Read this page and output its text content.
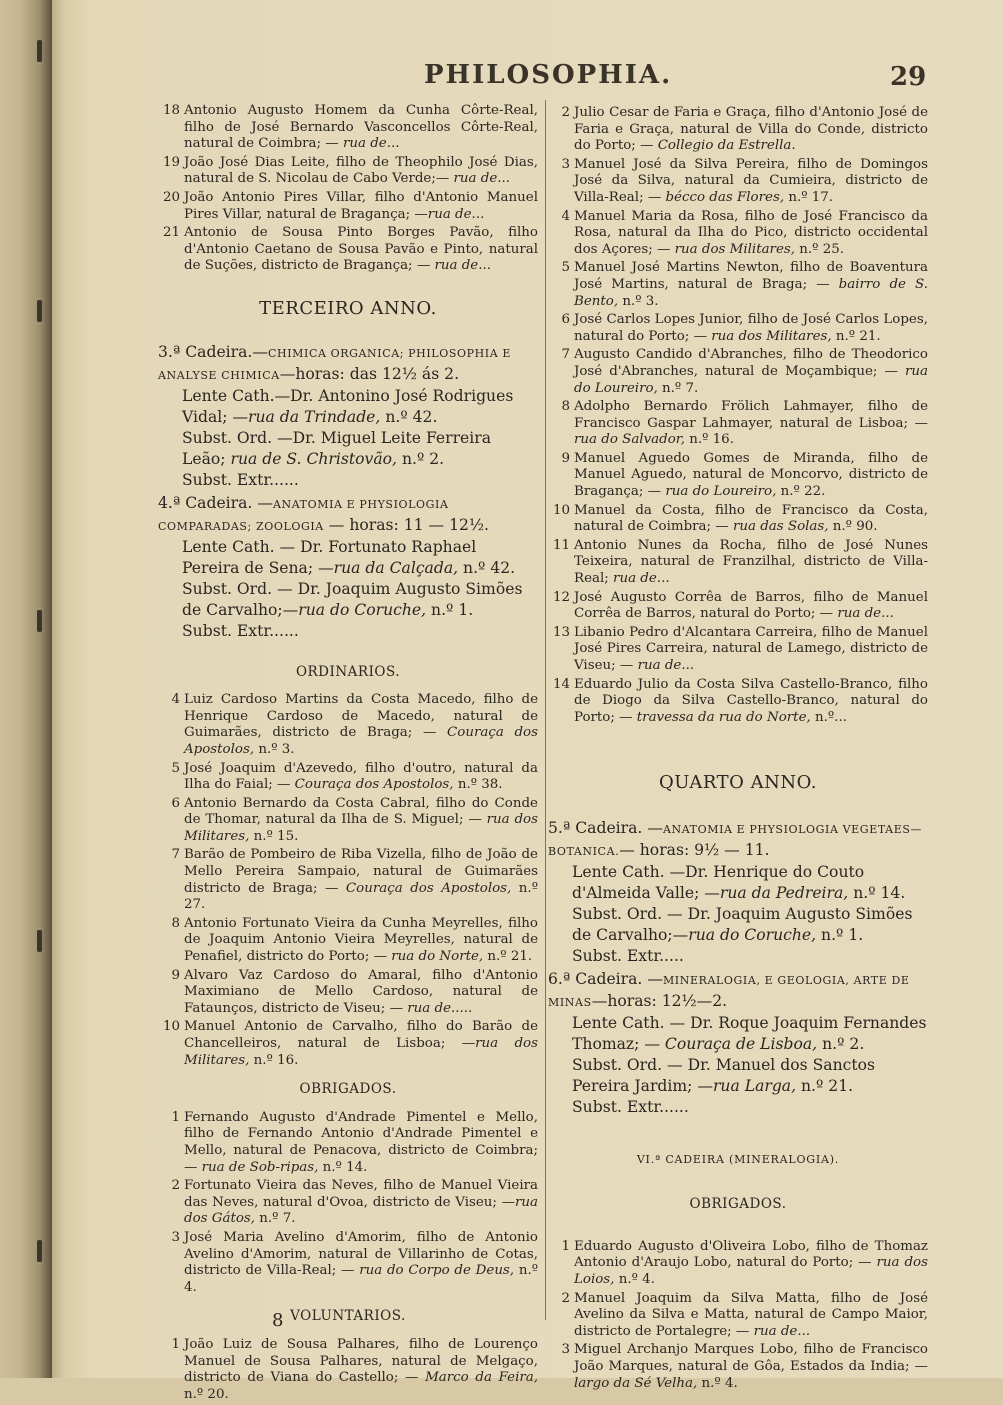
PHILOSOPHIA.	29

18 Antonio Augusto Homem da Cunha Côrte-Real, filho de José Bernardo Vasconcellos Côrte-Real, natural de Coimbra; — rua de...

19 João José Dias Leite, filho de Theophilo José Dias, natural de S. Nicolau de Cabo Verde;— rua de...

20 João Antonio Pires Villar, filho d'Antonio Manuel Pires Villar, natural de Bragança; —rua de...

21 Antonio de Sousa Pinto Borges Pavão, filho d'Antonio Caetano de Sousa Pavão e Pinto, natural de Suções, districto de Bragança; — rua de...

TERCEIRO ANNO.
3.ª Cadeira.—CHIMICA ORGANICA; PHILOSOPHIA E ANALYSE CHIMICA—horas: das 12½ ás 2.
Lente Cath.—Dr. Antonino José Rodrigues Vidal; —rua da Trindade, n.º 42.
Subst. Ord. —Dr. Miguel Leite Ferreira Leão; rua de S. Christovão, n.º 2.
Subst. Extr......
4.ª Cadeira. —ANATOMIA E PHYSIOLOGIA COMPARADAS; ZOOLOGIA — horas: 11 — 12½.
Lente Cath. — Dr. Fortunato Raphael Pereira de Sena; —rua da Calçada, n.º 42.
Subst. Ord. — Dr. Joaquim Augusto Simões de Carvalho;—rua do Coruche, n.º 1.
Subst. Extr......
ORDINARIOS.

4 Luiz Cardoso Martins da Costa Macedo, filho de Henrique Cardoso de Macedo, natural de Guimarães, districto de Braga; — Couraça dos Apostolos, n.º 3.

5 José Joaquim d'Azevedo, filho d'outro, natural da Ilha do Faial; — Couraça dos Apostolos, n.º 38.

6 Antonio Bernardo da Costa Cabral, filho do Conde de Thomar, natural da Ilha de S. Miguel; — rua dos Militares, n.º 15.

7 Barão de Pombeiro de Riba Vizella, filho de João de Mello Pereira Sampaio, natural de Guimarães districto de Braga; — Couraça dos Apostolos, n.º 27.

8 Antonio Fortunato Vieira da Cunha Meyrelles, filho de Joaquim Antonio Vieira Meyrelles, natural de Penafiel, districto do Porto; — rua do Norte, n.º 21.

9 Alvaro Vaz Cardoso do Amaral, filho d'Antonio Maximiano de Mello Cardoso, natural de Fataunços, districto de Viseu; — rua de.....

10 Manuel Antonio de Carvalho, filho do Barão de Chancelleiros, natural de Lisboa; —rua dos Militares, n.º 16.

OBRIGADOS.

1 Fernando Augusto d'Andrade Pimentel e Mello, filho de Fernando Antonio d'Andrade Pimentel e Mello, natural de Penacova, districto de Coimbra; — rua de Sob-ripas, n.º 14.

2 Fortunato Vieira das Neves, filho de Manuel Vieira das Neves, natural d'Ovoa, districto de Viseu; —rua dos Gátos, n.º 7.

3 José Maria Avelino d'Amorim, filho de Antonio Avelino d'Amorim, natural de Villarinho de Cotas, districto de Villa-Real; — rua do Corpo de Deus, n.º 4.

VOLUNTARIOS.

1 João Luiz de Sousa Palhares, filho de Lourenço Manuel de Sousa Palhares, natural de Melgaço, districto de Viana do Castello; — Marco da Feira, n.º 20.

8

2 Julio Cesar de Faria e Graça, filho d'Antonio José de Faria e Graça, natural de Villa do Conde, districto do Porto; — Collegio da Estrella.

3 Manuel José da Silva Pereira, filho de Domingos José da Silva, natural da Cumieira, districto de Villa-Real; — bécco das Flores, n.º 17.

4 Manuel Maria da Rosa, filho de José Francisco da Rosa, natural da Ilha do Pico, districto occidental dos Açores; — rua dos Militares, n.º 25.

5 Manuel José Martins Newton, filho de Boaventura José Martins, natural de Braga; — bairro de S. Bento, n.º 3.

6 José Carlos Lopes Junior, filho de José Carlos Lopes, natural do Porto; — rua dos Militares, n.º 21.

7 Augusto Candido d'Abranches, filho de Theodorico José d'Abranches, natural de Moçambique; — rua do Loureiro, n.º 7.

8 Adolpho Bernardo Frölich Lahmayer, filho de Francisco Gaspar Lahmayer, natural de Lisboa; — rua do Salvador, n.º 16.

9 Manuel Aguedo Gomes de Miranda, filho de Manuel Aguedo, natural de Moncorvo, districto de Bragança; — rua do Loureiro, n.º 22.

10 Manuel da Costa, filho de Francisco da Costa, natural de Coimbra; — rua das Solas, n.º 90.

11 Antonio Nunes da Rocha, filho de José Nunes Teixeira, natural de Franzilhal, districto de Villa-Real; rua de...

12 José Augusto Corrêa de Barros, filho de Manuel Corrêa de Barros, natural do Porto; — rua de...

13 Libanio Pedro d'Alcantara Carreira, filho de Manuel José Pires Carreira, natural de Lamego, districto de Viseu; — rua de...

14 Eduardo Julio da Costa Silva Castello-Branco, filho de Diogo da Silva Castello-Branco, natural do Porto; — travessa da rua do Norte, n.º...

QUARTO ANNO.
5.ª Cadeira. —ANATOMIA E PHYSIOLOGIA VEGETAES—BOTANICA.— horas: 9½ — 11.
Lente Cath. —Dr. Henrique do Couto d'Almeida Valle; —rua da Pedreira, n.º 14.
Subst. Ord. — Dr. Joaquim Augusto Simões de Carvalho;—rua do Coruche, n.º 1.
Subst. Extr.....
6.ª Cadeira. —MINERALOGIA, E GEOLOGIA, ARTE DE MINAS—horas: 12½—2.
Lente Cath. — Dr. Roque Joaquim Fernandes Thomaz; — Couraça de Lisboa, n.º 2.
Subst. Ord. — Dr. Manuel dos Sanctos Pereira Jardim; —rua Larga, n.º 21.
Subst. Extr......
VI.ª CADEIRA (MINERALOGIA).
OBRIGADOS.

1 Eduardo Augusto d'Oliveira Lobo, filho de Thomaz Antonio d'Araujo Lobo, natural do Porto; — rua dos Loios, n.º 4.

2 Manuel Joaquim da Silva Matta, filho de José Avelino da Silva e Matta, natural de Campo Maior, districto de Portalegre; — rua de...

3 Miguel Archanjo Marques Lobo, filho de Francisco João Marques, natural de Gôa, Estados da India; — largo da Sé Velha, n.º 4.
